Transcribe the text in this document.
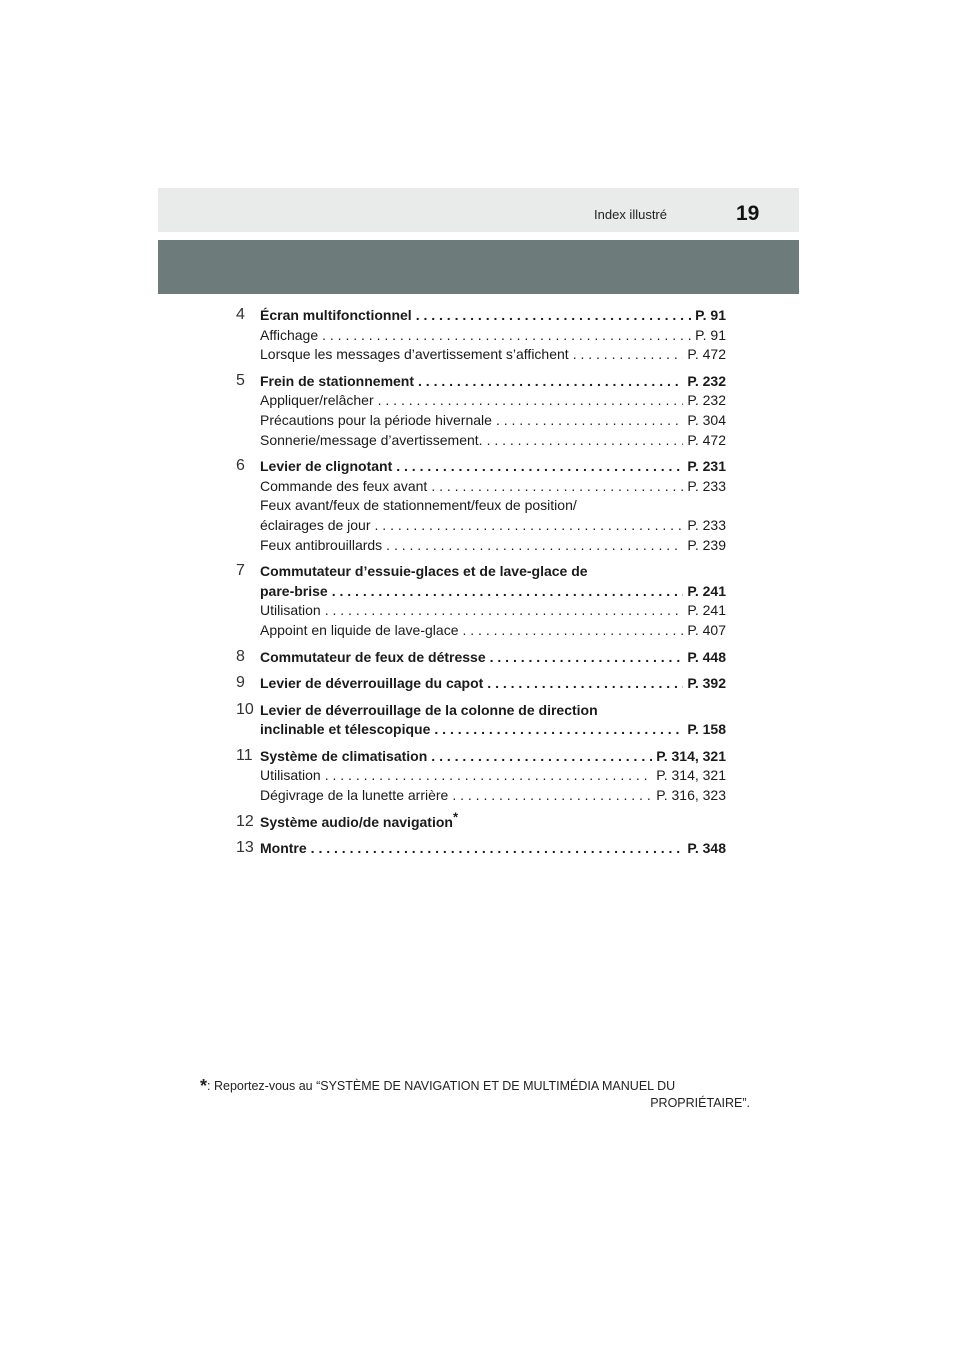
Index illustré	19
4 Écran multifonctionnel . . .	P. 91
Affichage . . .	P. 91
Lorsque les messages d’avertissement s’affichent . . .	P. 472
5 Frein de stationnement . . .	P. 232
Appliquer/relâcher . . .	P. 232
Précautions pour la période hivernale . . .	P. 304
Sonnerie/message d’avertissement. . . .	P. 472
6 Levier de clignotant . . .	P. 231
Commande des feux avant . . .	P. 233
Feux avant/feux de stationnement/feux de position/
éclairages de jour . . .	P. 233
Feux antibrouillards . . .	P. 239
7 Commutateur d’essuie-glaces et de lave-glace de
pare-brise . . .	P. 241
Utilisation . . .	P. 241
Appoint en liquide de lave-glace . . .	P. 407
8 Commutateur de feux de détresse . . .	P. 448
9 Levier de déverrouillage du capot . . .	P. 392
10 Levier de déverrouillage de la colonne de direction
inclinable et télescopique . . .	P. 158
11 Système de climatisation . . .	P. 314, 321
Utilisation . . .	P. 314, 321
Dégivrage de la lunette arrière . . .	P. 316, 323
12 Système audio/de navigation*
13 Montre . . .	P. 348
*: Reportez-vous au “SYSTÈME DE NAVIGATION ET DE MULTIMÉDIA MANUEL DU
PROPRIÉTAIRE”.
